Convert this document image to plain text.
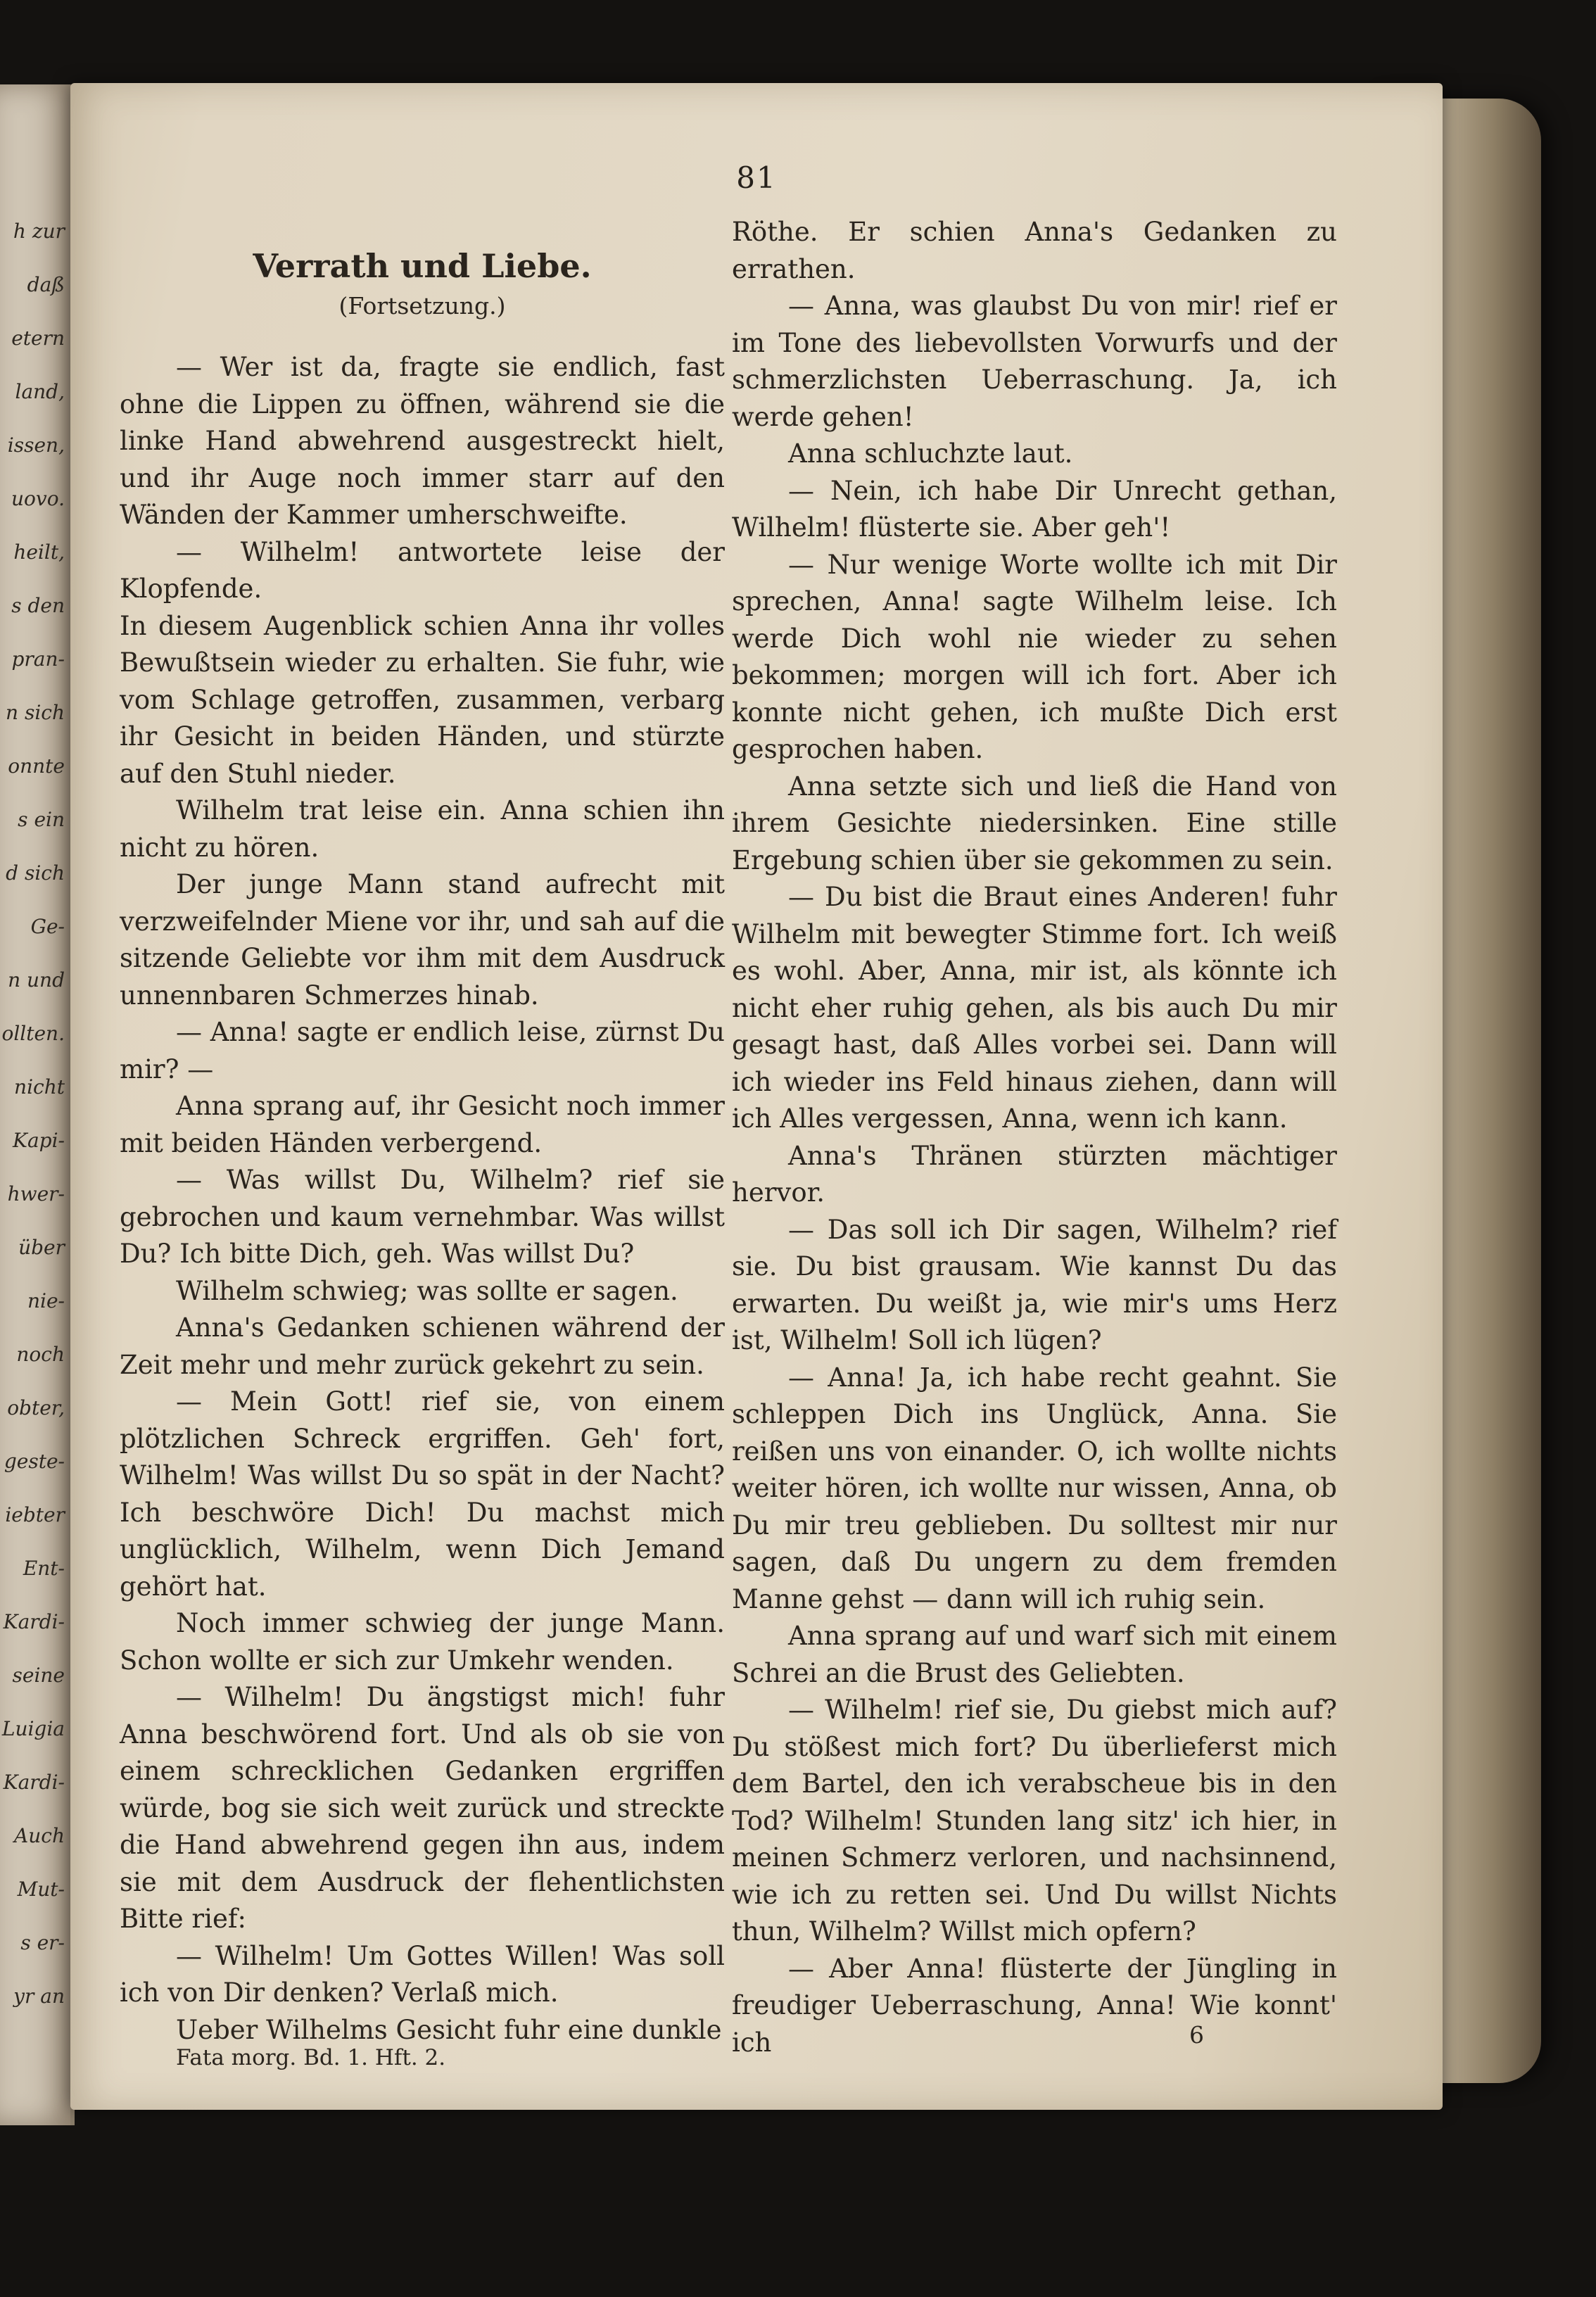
h zur
daß
etern
land,
issen,
uovo.
heilt,
s den
pran-
n sich
onnte
s ein
d sich
Ge-
n und
ollten.
nicht
Kapi-
hwer-
über
nie-
noch
obter,
geste-
iebter
Ent-
Kardi-
seine
Luigia
Kardi-
Auch
Mut-
s er-
yr an
81
Verrath und Liebe.
(Fortsetzung.)

— Wer ist da, fragte sie endlich, fast ohne die Lippen zu öffnen, während sie die linke Hand abwehrend ausgestreckt hielt, und ihr Auge noch immer starr auf den Wänden der Kammer umherschweifte.

— Wilhelm! antwortete leise der Klopfende.

In diesem Augenblick schien Anna ihr volles Bewußtsein wieder zu erhalten. Sie fuhr, wie vom Schlage getroffen, zusammen, verbarg ihr Gesicht in beiden Händen, und stürzte auf den Stuhl nieder.

Wilhelm trat leise ein. Anna schien ihn nicht zu hören.

Der junge Mann stand aufrecht mit verzweifelnder Miene vor ihr, und sah auf die sitzende Geliebte vor ihm mit dem Ausdruck unnennbaren Schmerzes hinab.

— Anna! sagte er endlich leise, zürnst Du mir? —

Anna sprang auf, ihr Gesicht noch immer mit beiden Händen verbergend.

— Was willst Du, Wilhelm? rief sie gebrochen und kaum vernehmbar. Was willst Du? Ich bitte Dich, geh. Was willst Du?

Wilhelm schwieg; was sollte er sagen.

Anna's Gedanken schienen während der Zeit mehr und mehr zurück gekehrt zu sein.

— Mein Gott! rief sie, von einem plötzlichen Schreck ergriffen. Geh' fort, Wilhelm! Was willst Du so spät in der Nacht? Ich beschwöre Dich! Du machst mich unglücklich, Wilhelm, wenn Dich Jemand gehört hat.

Noch immer schwieg der junge Mann. Schon wollte er sich zur Umkehr wenden.

— Wilhelm! Du ängstigst mich! fuhr Anna beschwörend fort. Und als ob sie von einem schrecklichen Gedanken ergriffen würde, bog sie sich weit zurück und streckte die Hand abwehrend gegen ihn aus, indem sie mit dem Ausdruck der flehentlichsten Bitte rief:

— Wilhelm! Um Gottes Willen! Was soll ich von Dir denken? Verlaß mich.

Ueber Wilhelms Gesicht fuhr eine dunkle

Röthe. Er schien Anna's Gedanken zu errathen.

— Anna, was glaubst Du von mir! rief er im Tone des liebevollsten Vorwurfs und der schmerzlichsten Ueberraschung. Ja, ich werde gehen!

Anna schluchzte laut.

— Nein, ich habe Dir Unrecht gethan, Wilhelm! flüsterte sie. Aber geh'!

— Nur wenige Worte wollte ich mit Dir sprechen, Anna! sagte Wilhelm leise. Ich werde Dich wohl nie wieder zu sehen bekommen; morgen will ich fort. Aber ich konnte nicht gehen, ich mußte Dich erst gesprochen haben.

Anna setzte sich und ließ die Hand von ihrem Gesichte niedersinken. Eine stille Ergebung schien über sie gekommen zu sein.

— Du bist die Braut eines Anderen! fuhr Wilhelm mit bewegter Stimme fort. Ich weiß es wohl. Aber, Anna, mir ist, als könnte ich nicht eher ruhig gehen, als bis auch Du mir gesagt hast, daß Alles vorbei sei. Dann will ich wieder ins Feld hinaus ziehen, dann will ich Alles vergessen, Anna, wenn ich kann.

Anna's Thränen stürzten mächtiger hervor.

— Das soll ich Dir sagen, Wilhelm? rief sie. Du bist grausam. Wie kannst Du das erwarten. Du weißt ja, wie mir's ums Herz ist, Wilhelm! Soll ich lügen?

— Anna! Ja, ich habe recht geahnt. Sie schleppen Dich ins Unglück, Anna. Sie reißen uns von einander. O, ich wollte nichts weiter hören, ich wollte nur wissen, Anna, ob Du mir treu geblieben. Du solltest mir nur sagen, daß Du ungern zu dem fremden Manne gehst — dann will ich ruhig sein.

Anna sprang auf und warf sich mit einem Schrei an die Brust des Geliebten.

— Wilhelm! rief sie, Du giebst mich auf? Du stößest mich fort? Du überlieferst mich dem Bartel, den ich verabscheue bis in den Tod? Wilhelm! Stunden lang sitz' ich hier, in meinen Schmerz verloren, und nachsinnend, wie ich zu retten sei. Und Du willst Nichts thun, Wilhelm? Willst mich opfern?

— Aber Anna! flüsterte der Jüngling in freudiger Ueberraschung, Anna! Wie konnt' ich

Fata morg. Bd. 1. Hft. 2.
6
